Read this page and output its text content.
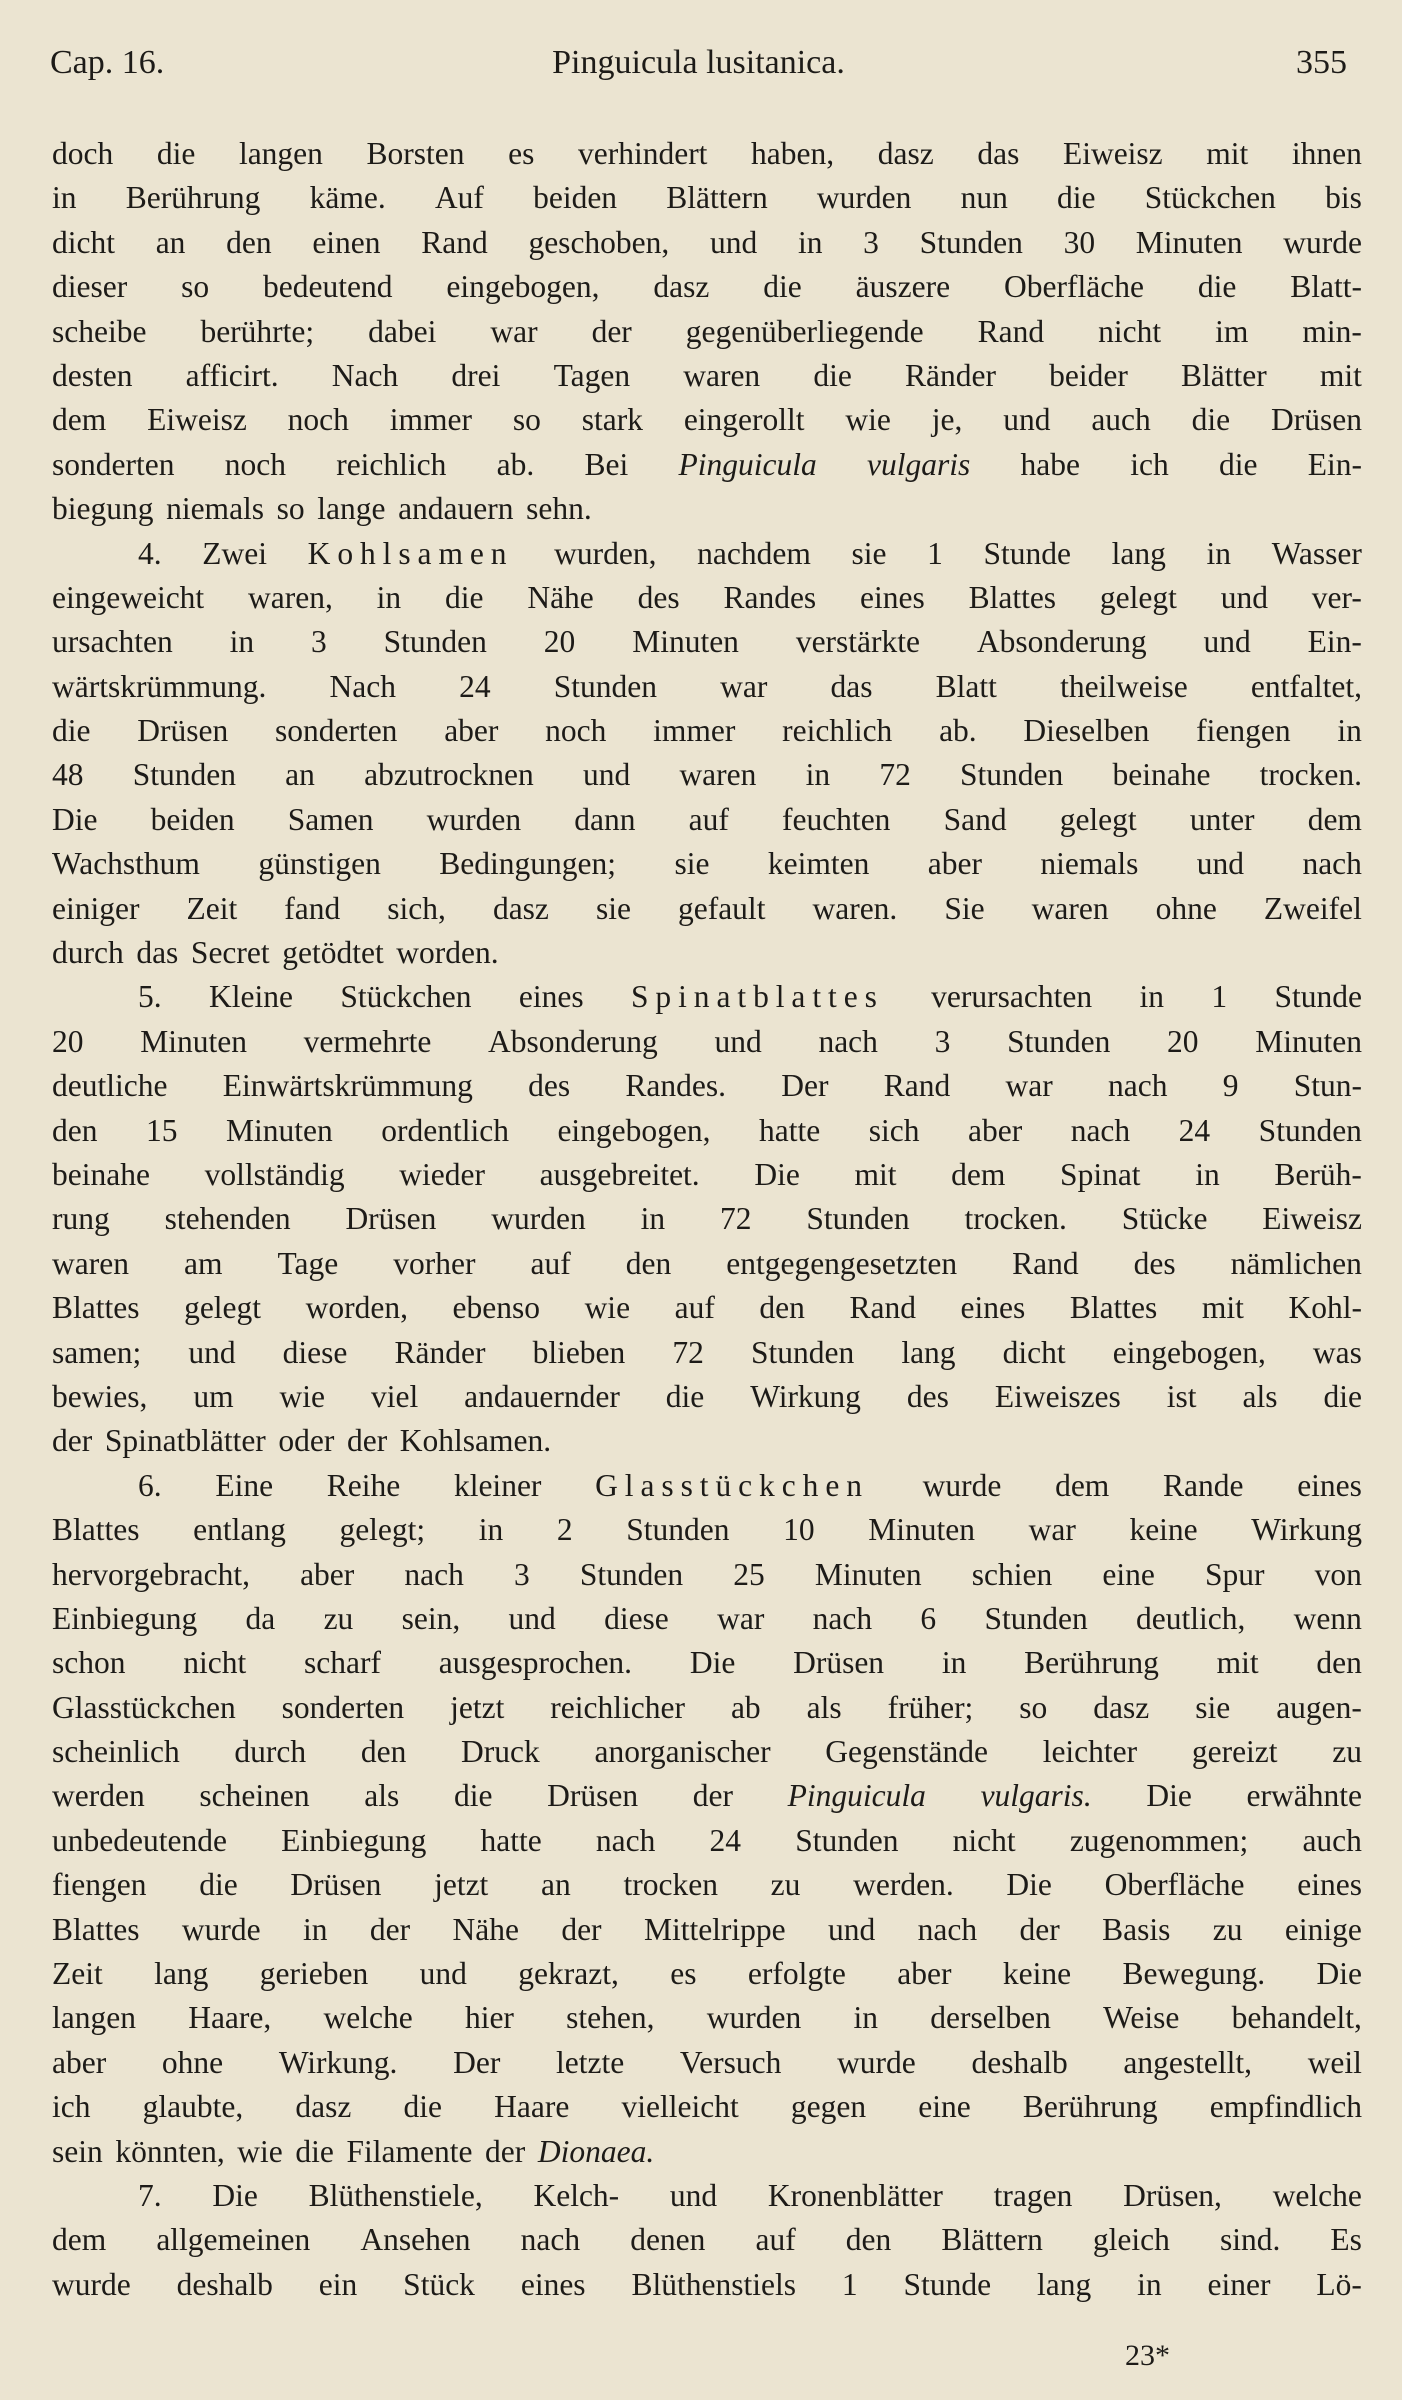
Cap. 16.	Pinguicula lusitanica.	355
doch die langen Borsten es verhindert haben, dasz das Eiweisz mit ihnen
in Berührung käme. Auf beiden Blättern wurden nun die Stückchen bis
dicht an den einen Rand geschoben, und in 3 Stunden 30 Minuten wurde
dieser so bedeutend eingebogen, dasz die äuszere Oberfläche die Blatt-
scheibe berührte; dabei war der gegenüberliegende Rand nicht im min-
desten afficirt. Nach drei Tagen waren die Ränder beider Blätter mit
dem Eiweisz noch immer so stark eingerollt wie je, und auch die Drüsen
sonderten noch reichlich ab. Bei Pinguicula vulgaris habe ich die Ein-
biegung niemals so lange andauern sehn.
4. Zwei Kohlsamen wurden, nachdem sie 1 Stunde lang in Wasser
eingeweicht waren, in die Nähe des Randes eines Blattes gelegt und ver-
ursachten in 3 Stunden 20 Minuten verstärkte Absonderung und Ein-
wärtskrümmung. Nach 24 Stunden war das Blatt theilweise entfaltet,
die Drüsen sonderten aber noch immer reichlich ab. Dieselben fiengen in
48 Stunden an abzutrocknen und waren in 72 Stunden beinahe trocken.
Die beiden Samen wurden dann auf feuchten Sand gelegt unter dem
Wachsthum günstigen Bedingungen; sie keimten aber niemals und nach
einiger Zeit fand sich, dasz sie gefault waren. Sie waren ohne Zweifel
durch das Secret getödtet worden.
5. Kleine Stückchen eines Spinatblattes verursachten in 1 Stunde
20 Minuten vermehrte Absonderung und nach 3 Stunden 20 Minuten
deutliche Einwärtskrümmung des Randes. Der Rand war nach 9 Stun-
den 15 Minuten ordentlich eingebogen, hatte sich aber nach 24 Stunden
beinahe vollständig wieder ausgebreitet. Die mit dem Spinat in Berüh-
rung stehenden Drüsen wurden in 72 Stunden trocken. Stücke Eiweisz
waren am Tage vorher auf den entgegengesetzten Rand des nämlichen
Blattes gelegt worden, ebenso wie auf den Rand eines Blattes mit Kohl-
samen; und diese Ränder blieben 72 Stunden lang dicht eingebogen, was
bewies, um wie viel andauernder die Wirkung des Eiweiszes ist als die
der Spinatblätter oder der Kohlsamen.
6. Eine Reihe kleiner Glasstückchen wurde dem Rande eines
Blattes entlang gelegt; in 2 Stunden 10 Minuten war keine Wirkung
hervorgebracht, aber nach 3 Stunden 25 Minuten schien eine Spur von
Einbiegung da zu sein, und diese war nach 6 Stunden deutlich, wenn
schon nicht scharf ausgesprochen. Die Drüsen in Berührung mit den
Glasstückchen sonderten jetzt reichlicher ab als früher; so dasz sie augen-
scheinlich durch den Druck anorganischer Gegenstände leichter gereizt zu
werden scheinen als die Drüsen der Pinguicula vulgaris. Die erwähnte
unbedeutende Einbiegung hatte nach 24 Stunden nicht zugenommen; auch
fiengen die Drüsen jetzt an trocken zu werden. Die Oberfläche eines
Blattes wurde in der Nähe der Mittelrippe und nach der Basis zu einige
Zeit lang gerieben und gekrazt, es erfolgte aber keine Bewegung. Die
langen Haare, welche hier stehen, wurden in derselben Weise behandelt,
aber ohne Wirkung. Der letzte Versuch wurde deshalb angestellt, weil
ich glaubte, dasz die Haare vielleicht gegen eine Berührung empfindlich
sein könnten, wie die Filamente der Dionaea.
7. Die Blüthenstiele, Kelch- und Kronenblätter tragen Drüsen, welche
dem allgemeinen Ansehen nach denen auf den Blättern gleich sind. Es
wurde deshalb ein Stück eines Blüthenstiels 1 Stunde lang in einer Lö-
23*
